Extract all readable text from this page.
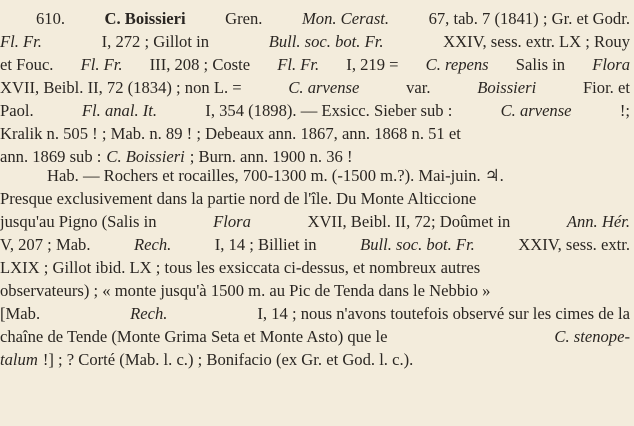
610. C. Boissieri Gren. Mon. Cerast. 67, tab. 7 (1841) ; Gr. et Godr.
Fl. Fr.	I, 272 ; Gillot in	Bull. soc. bot. Fr.	XXIV, sess. extr. LX ; Rouy
et Fouc. Fl. Fr. III, 208 ; Coste Fl. Fr. I, 219 = C. repens Salis in Flora
XVII, Beibl. II, 72 (1834) ; non L. =	C. arvense	var.	Boissieri	Fior. et
Paol.	Fl. anal. It.	I, 354 (1898). — Exsicc. Sieber sub :	C. arvense	!;
Kralik n. 505 ! ; Mab. n. 89 ! ; Debeaux ann. 1867, ann. 1868 n. 51 et
ann. 1869 sub : C. Boissieri ; Burn. ann. 1900 n. 36 !
Hab. — Rochers et rocailles, 700-1300 m. (-1500 m.?). Mai-juin. ♃.
Presque exclusivement dans la partie nord de l'île. Du Monte Alticcione
jusqu'au Pigno (Salis in	Flora	XVII, Beibl. II, 72; Doûmet in	Ann. Hér.
V, 207 ; Mab.	Rech.	I, 14 ; Billiet in	Bull. soc. bot. Fr.	XXIV, sess. extr.
LXIX ; Gillot ibid. LX ; tous les exsiccata ci-dessus, et nombreux autres
observateurs) ; « monte jusqu'à 1500 m. au Pic de Tenda dans le Nebbio »
[Mab.	Rech.	I, 14 ; nous n'avons toutefois observé sur les cimes de la
chaîne de Tende (Monte Grima Seta et Monte Asto) que le	C. stenope-
talum !] ; ? Corté (Mab. l. c.) ; Bonifacio (ex Gr. et God. l. c.).
